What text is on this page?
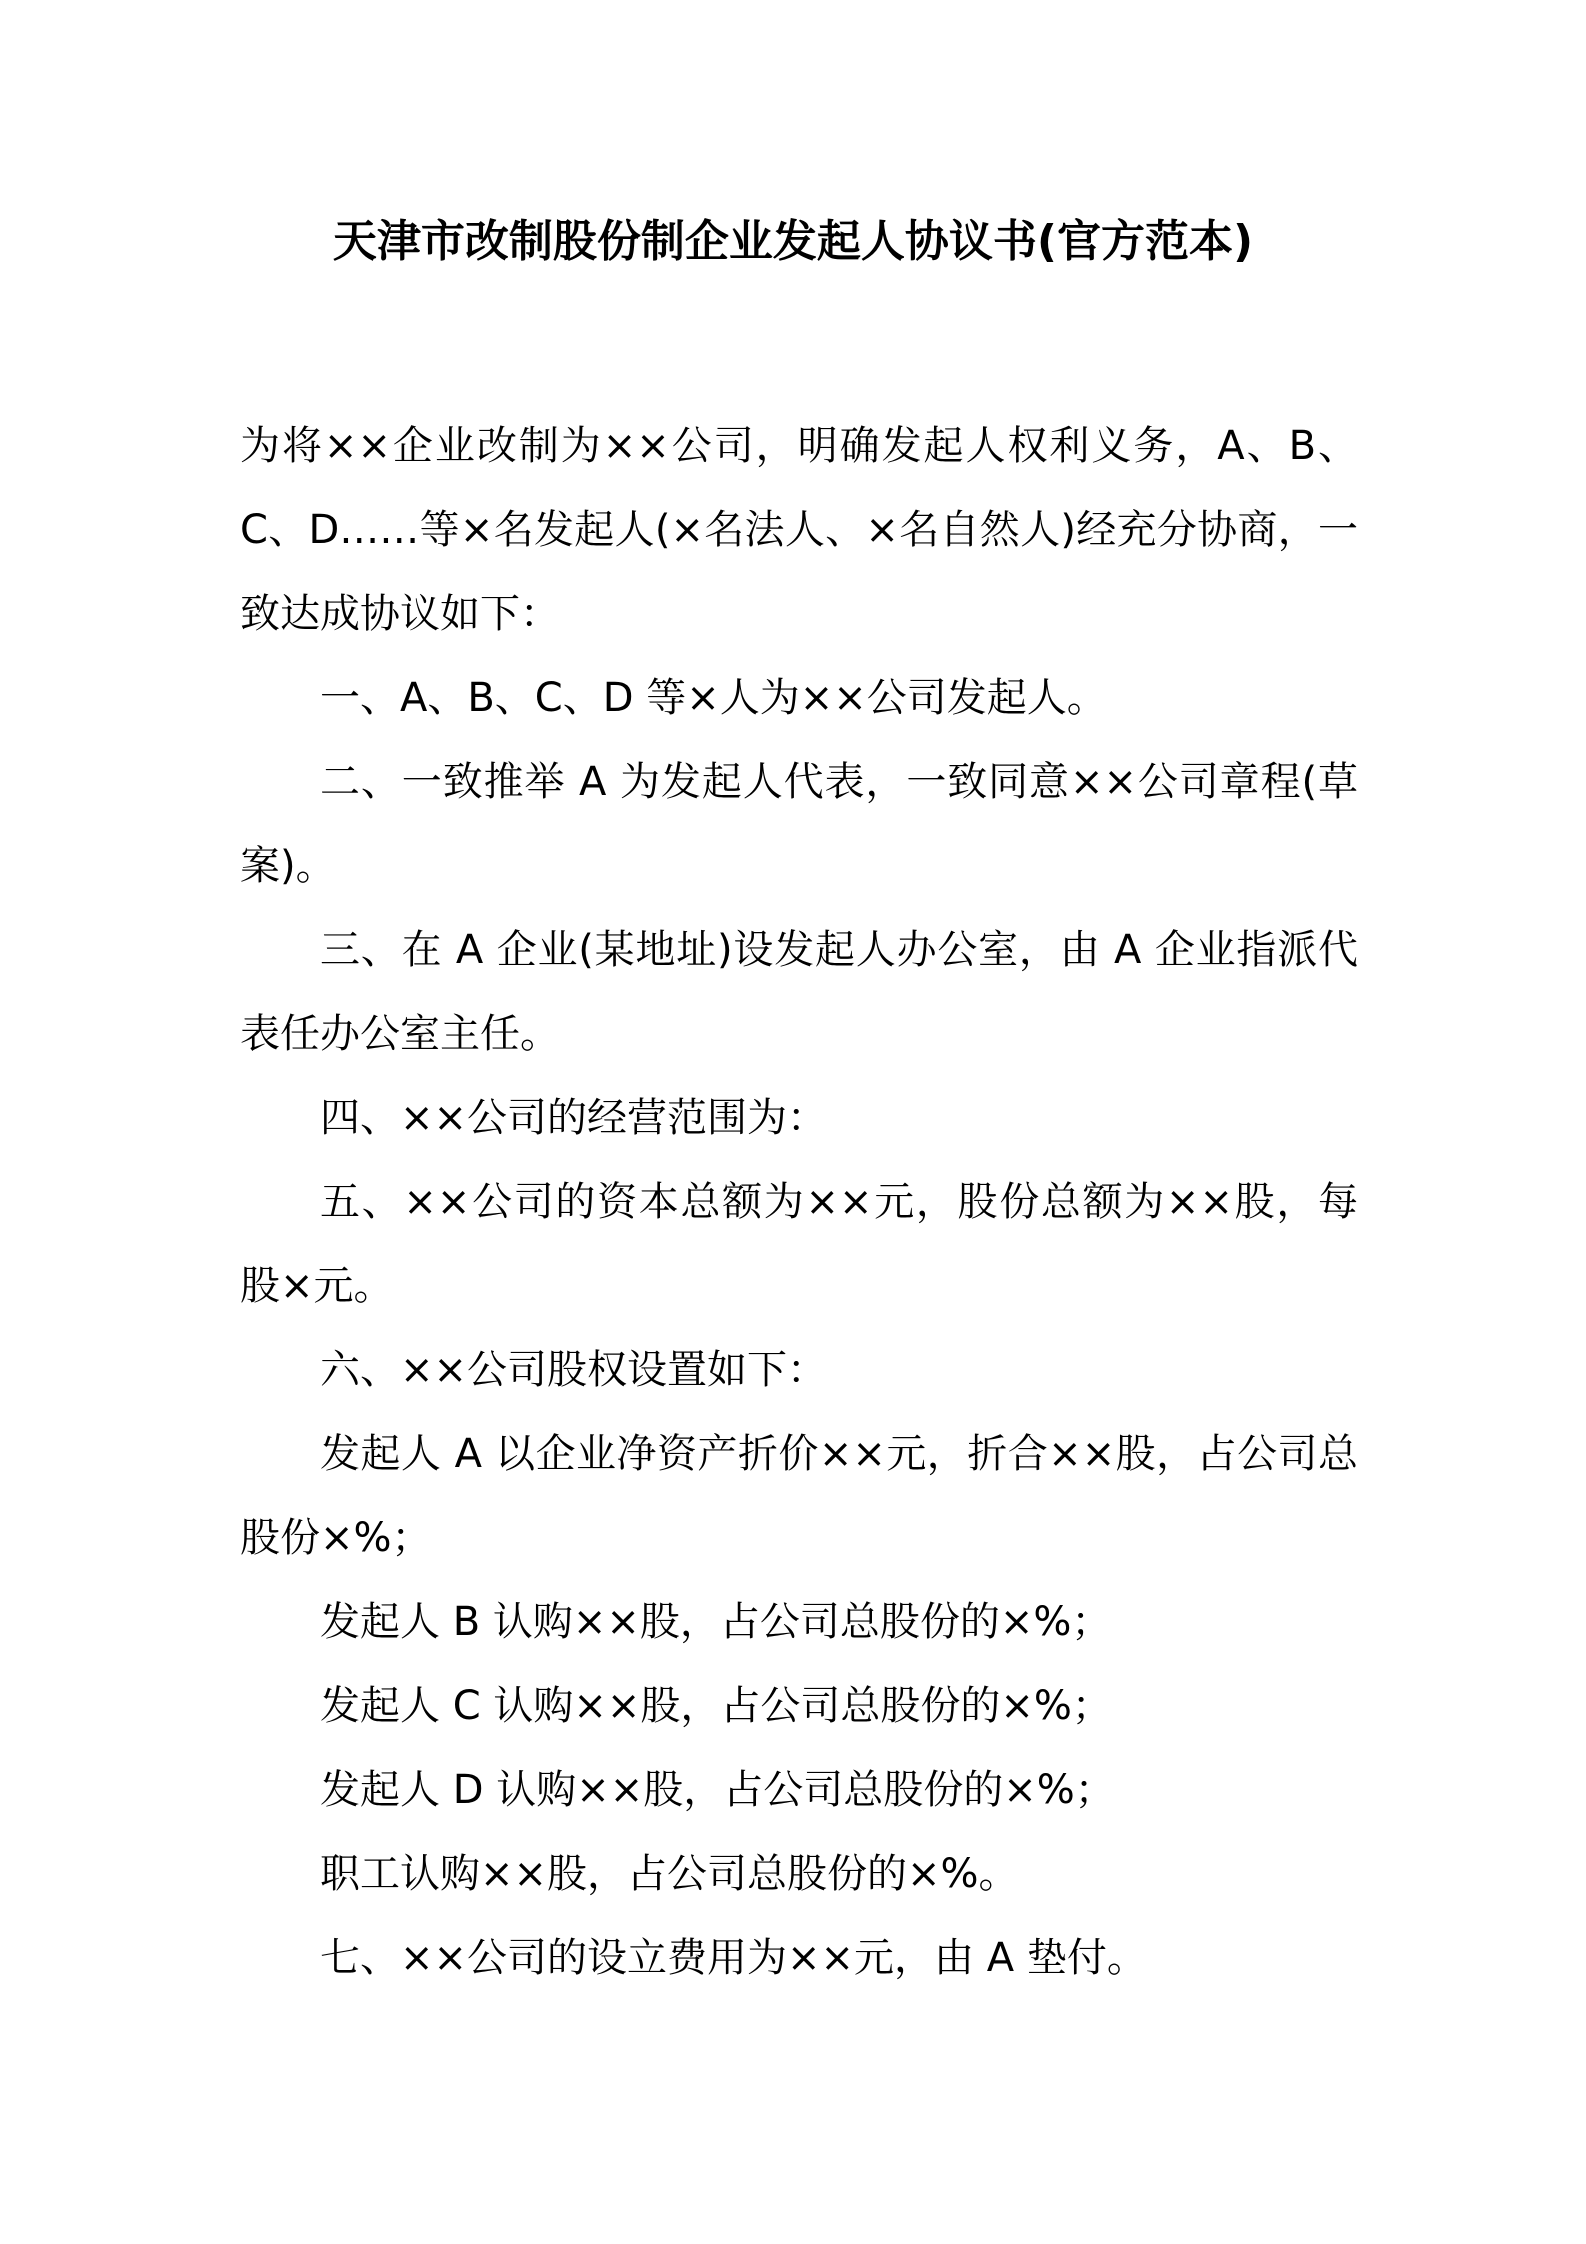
天津市改制股份制企业发起人协议书(官方范本)

为将××企业改制为××公司，明确发起人权利义务，A、B、C、D……等×名发起人(×名法人、×名自然人)经充分协商，一致达成协议如下：

一、A、B、C、D 等×人为××公司发起人。

二、一致推举 A 为发起人代表，一致同意××公司章程(草案)。

三、在 A 企业(某地址)设发起人办公室，由 A 企业指派代表任办公室主任。

四、××公司的经营范围为：

五、××公司的资本总额为××元，股份总额为××股，每股×元。

六、××公司股权设置如下：

发起人 A 以企业净资产折价××元，折合××股，占公司总股份×%；

发起人 B 认购××股，占公司总股份的×%；

发起人 C 认购××股，占公司总股份的×%；

发起人 D 认购××股，占公司总股份的×%；

职工认购××股，占公司总股份的×%。

七、××公司的设立费用为××元，由 A 垫付。
